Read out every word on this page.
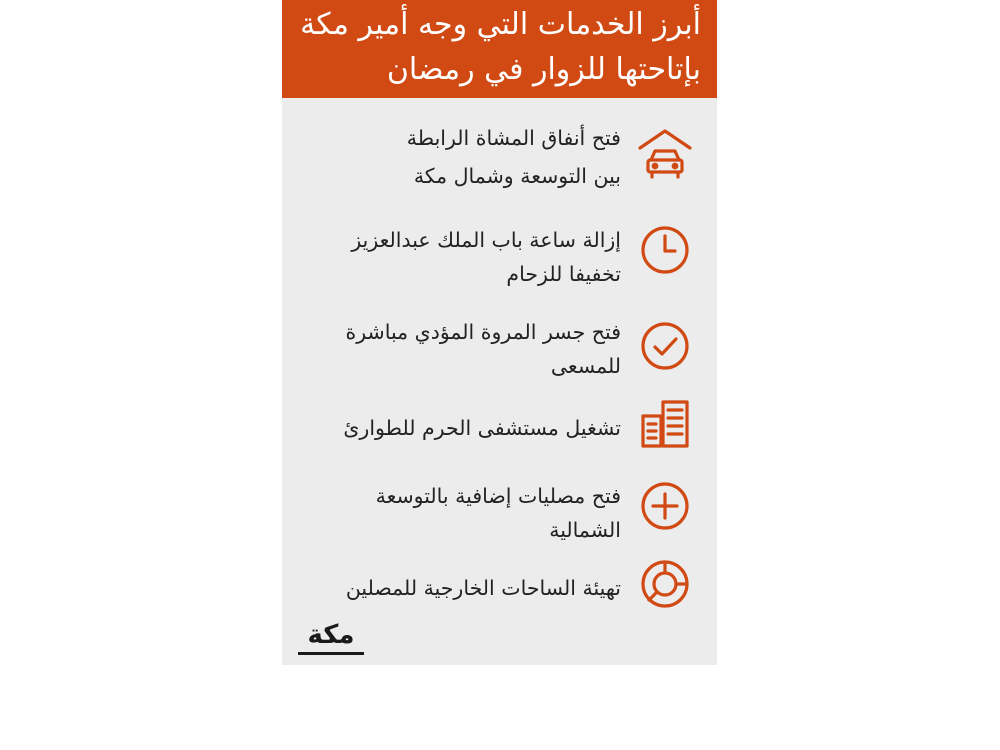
أبرز الخدمات التي وجه أمير مكة
بإتاحتها للزوار في رمضان
فتح أنفاق المشاة الرابطة
بين التوسعة وشمال مكة
إزالة ساعة باب الملك عبدالعزيز
تخفيفا للزحام
فتح جسر المروة المؤدي مباشرة
للمسعى
تشغيل مستشفى الحرم للطوارئ
فتح مصليات إضافية بالتوسعة
الشمالية
تهيئة الساحات الخارجية للمصلين
مكة
